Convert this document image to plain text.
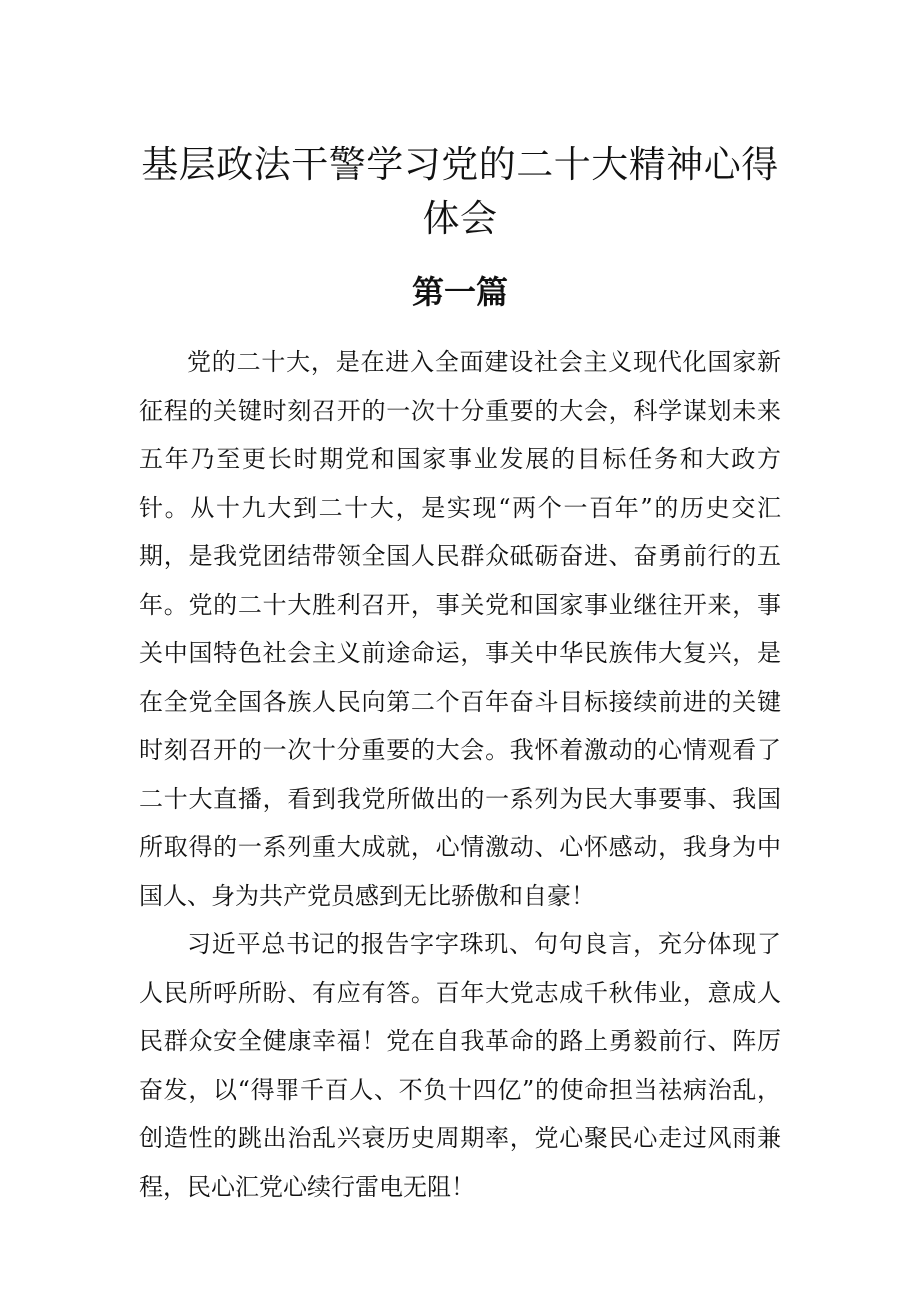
基层政法干警学习党的二十大精神心得体会
第一篇

党的二十大，是在进入全面建设社会主义现代化国家新征程的关键时刻召开的一次十分重要的大会，科学谋划未来五年乃至更长时期党和国家事业发展的目标任务和大政方针。从十九大到二十大，是实现“两个一百年”的历史交汇期，是我党团结带领全国人民群众砥砺奋进、奋勇前行的五年。党的二十大胜利召开，事关党和国家事业继往开来，事关中国特色社会主义前途命运，事关中华民族伟大复兴，是在全党全国各族人民向第二个百年奋斗目标接续前进的关键时刻召开的一次十分重要的大会。我怀着激动的心情观看了二十大直播，看到我党所做出的一系列为民大事要事、我国所取得的一系列重大成就，心情激动、心怀感动，我身为中国人、身为共产党员感到无比骄傲和自豪！

习近平总书记的报告字字珠玑、句句良言，充分体现了人民所呼所盼、有应有答。百年大党志成千秋伟业，意成人民群众安全健康幸福！党在自我革命的路上勇毅前行、阵厉奋发，以“得罪千百人、不负十四亿”的使命担当祛病治乱，创造性的跳出治乱兴衰历史周期率，党心聚民心走过风雨兼程，民心汇党心续行雷电无阻！
